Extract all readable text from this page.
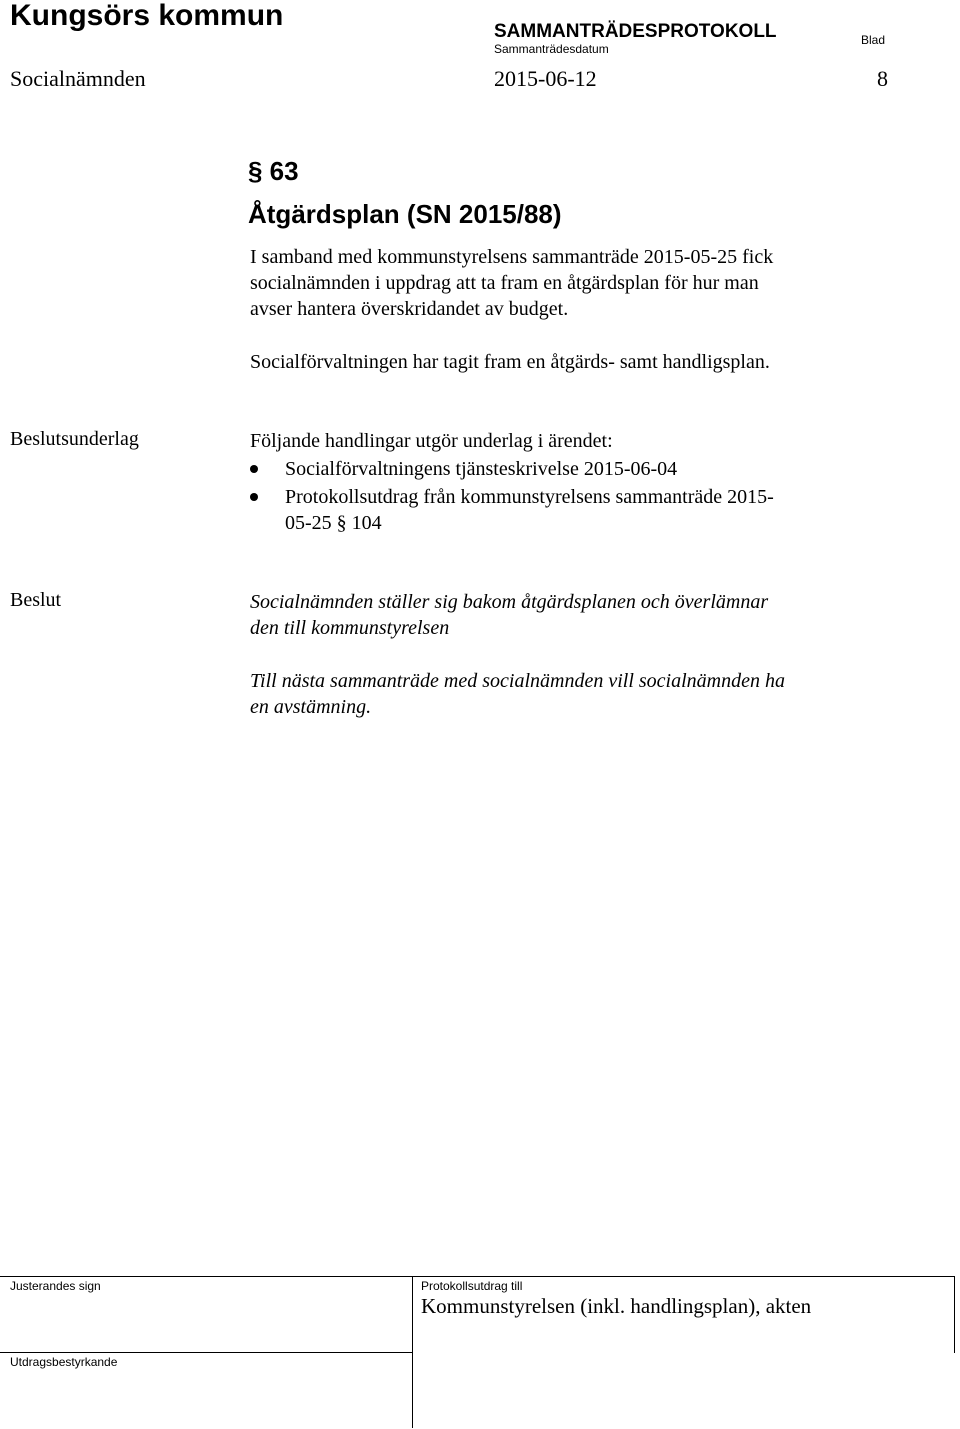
Kungsörs kommun	SAMMANTRÄDESPROTOKOLL
Sammanträdesdatum
Blad
Socialnämnden	2015-06-12	8
§ 63
Åtgärdsplan (SN 2015/88)
I samband med kommunstyrelsens sammanträde 2015-05-25 fick
socialnämnden i uppdrag att ta fram en åtgärdsplan för hur man
avser hantera överskridandet av budget.
Socialförvaltningen har tagit fram en åtgärds- samt handligsplan.
Beslutsunderlag	Följande handlingar utgör underlag i ärendet:
Socialförvaltningens tjänsteskrivelse 2015-06-04
Protokollsutdrag från kommunstyrelsens sammanträde 2015-
05-25 § 104
Beslut	Socialnämnden ställer sig bakom åtgärdsplanen och överlämnar
den till kommunstyrelsen
Till nästa sammanträde med socialnämnden vill socialnämnden ha
en avstämning.
Justerandes sign	Protokollsutdrag till
Kommunstyrelsen (inkl. handlingsplan), akten
Utdragsbestyrkande
